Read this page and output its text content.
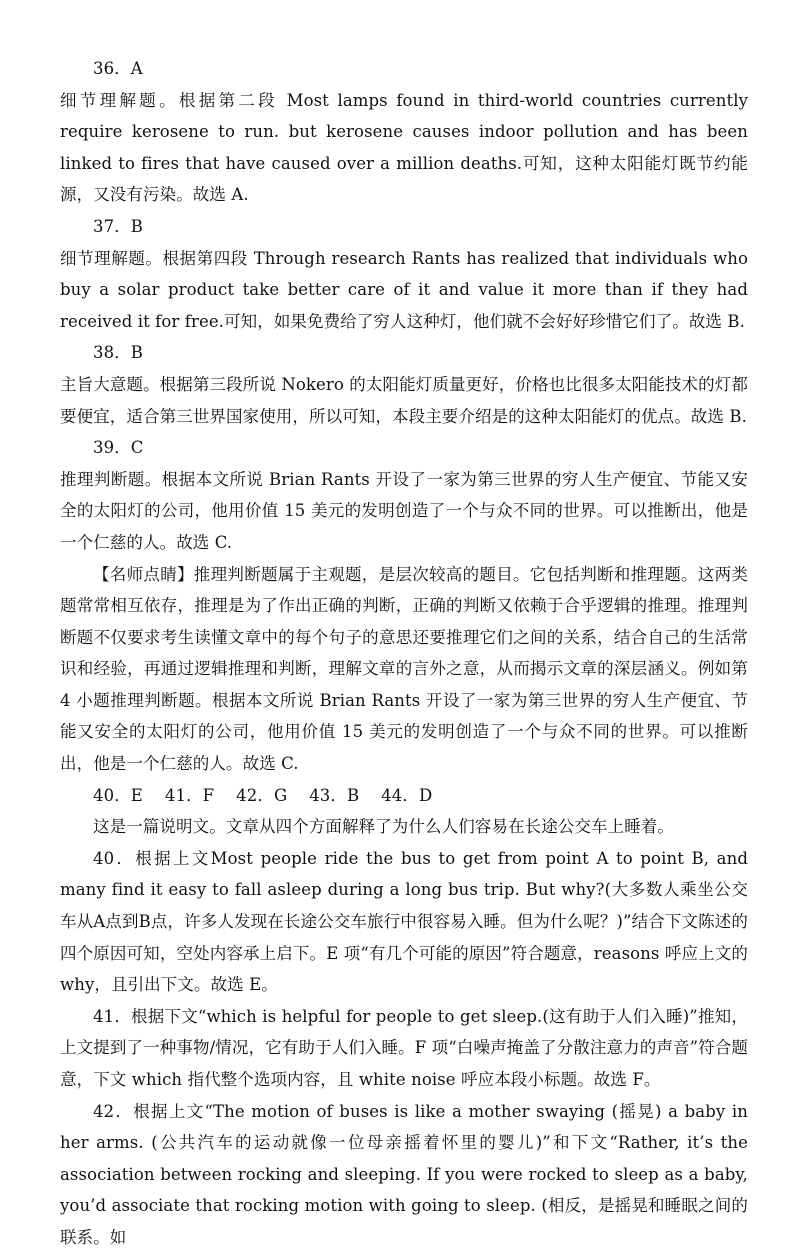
36．A

细节理解题。根据第二段 Most lamps found in third-world countries currently require kerosene to run. but kerosene causes indoor pollution and has been linked to fires that have caused over a million deaths.可知，这种太阳能灯既节约能源，又没有污染。故选 A.

37．B

细节理解题。根据第四段 Through research Rants has realized that individuals who buy a solar product take better care of it and value it more than if they had received it for free.可知，如果免费给了穷人这种灯，他们就不会好好珍惜它们了。故选 B.

38．B

主旨大意题。根据第三段所说 Nokero 的太阳能灯质量更好，价格也比很多太阳能技术的灯都要便宜，适合第三世界国家使用，所以可知，本段主要介绍是的这种太阳能灯的优点。故选 B.

39．C

推理判断题。根据本文所说 Brian Rants 开设了一家为第三世界的穷人生产便宜、节能又安全的太阳灯的公司，他用价值 15 美元的发明创造了一个与众不同的世界。可以推断出，他是一个仁慈的人。故选 C.

【名师点睛】推理判断题属于主观题，是层次较高的题目。它包括判断和推理题。这两类题常常相互依存，推理是为了作出正确的判断，正确的判断又依赖于合乎逻辑的推理。推理判断题不仅要求考生读懂文章中的每个句子的意思还要推理它们之间的关系，结合自己的生活常识和经验，再通过逻辑推理和判断，理解文章的言外之意，从而揭示文章的深层涵义。例如第 4 小题推理判断题。根据本文所说 Brian Rants 开设了一家为第三世界的穷人生产便宜、节能又安全的太阳灯的公司，他用价值 15 美元的发明创造了一个与众不同的世界。可以推断出，他是一个仁慈的人。故选 C.

40．E　 41．F　 42．G　 43．B　 44．D

这是一篇说明文。文章从四个方面解释了为什么人们容易在长途公交车上睡着。

40．根据上文Most people ride the bus to get from point A to point B, and many find it easy to fall asleep during a long bus trip. But why?(大多数人乘坐公交车从A点到B点，许多人发现在长途公交车旅行中很容易入睡。但为什么呢？)”结合下文陈述的四个原因可知，空处内容承上启下。E 项“有几个可能的原因”符合题意，reasons 呼应上文的 why，且引出下文。故选 E。

41．根据下文“which is helpful for people to get sleep.(这有助于人们入睡)”推知，上文提到了一种事物/情况，它有助于人们入睡。F 项“白噪声掩盖了分散注意力的声音”符合题意，下文 which 指代整个选项内容，且 white noise 呼应本段小标题。故选 F。

42．根据上文“The motion of buses is like a mother swaying (摇晃) a baby in her arms. (公共汽车的运动就像一位母亲摇着怀里的婴儿)”和下文“Rather, it’s the association between rocking and sleeping. If you were rocked to sleep as a baby, you’d associate that rocking motion with going to sleep. (相反，是摇晃和睡眠之间的联系。如
